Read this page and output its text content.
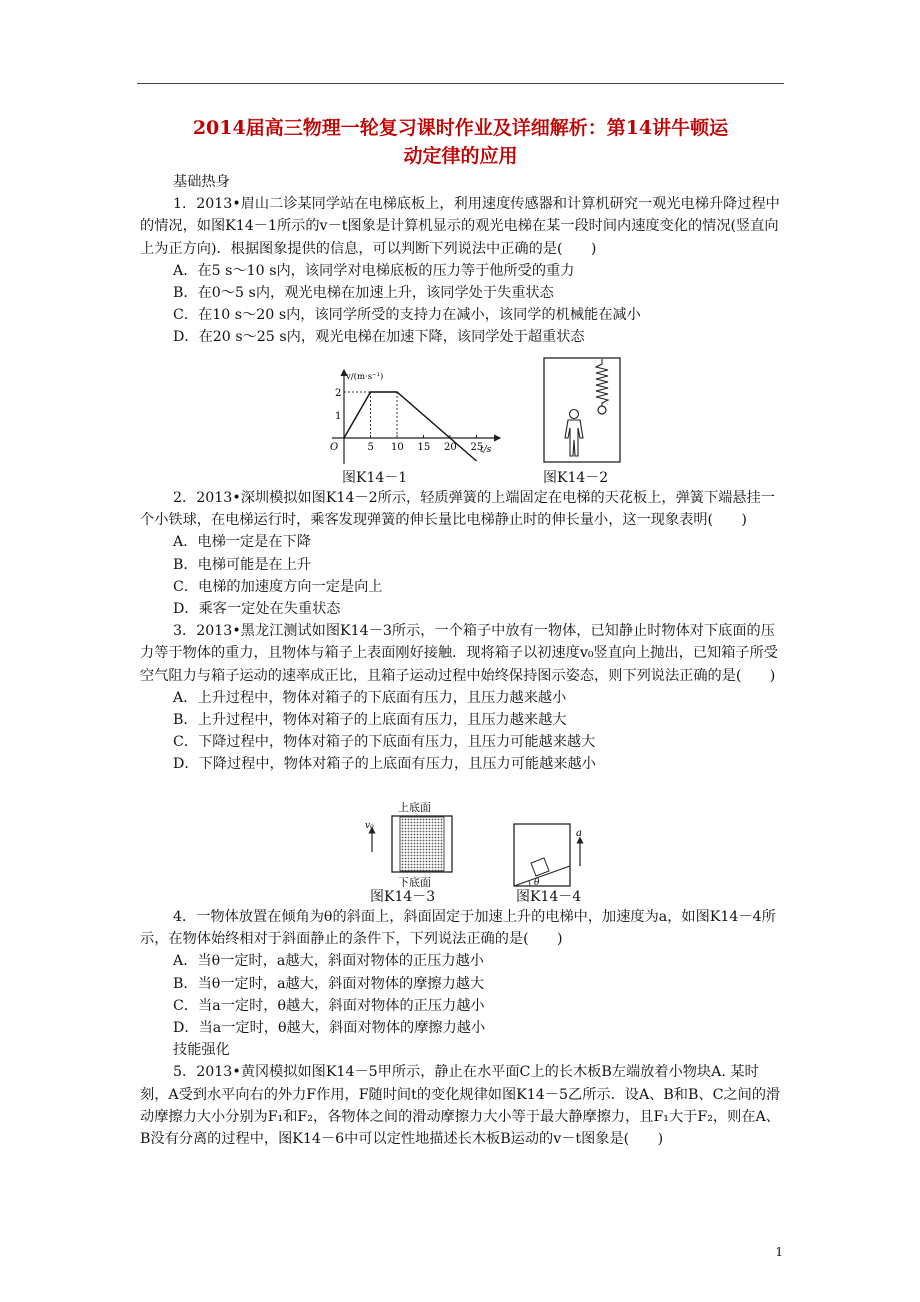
2014届高三物理一轮复习课时作业及详细解析：第14讲牛顿运
动定律的应用

基础热身

1．2013•眉山二诊某同学站在电梯底板上，利用速度传感器和计算机研究一观光电梯升降过程中的情况，如图K14－1所示的v－t图象是计算机显示的观光电梯在某一段时间内速度变化的情况(竖直向上为正方向)．根据图象提供的信息，可以判断下列说法中正确的是(　　)

A．在5 s～10 s内，该同学对电梯底板的压力等于他所受的重力

B．在0～5 s内，观光电梯在加速上升，该同学处于失重状态

C．在10 s～20 s内，该同学所受的支持力在减小，该同学的机械能在减小

D．在20 s～25 s内，观光电梯在加速下降，该同学处于超重状态

v/(m·s⁻¹)
t/s
O
2
1
5 10 15 20 25
图K14－1	图K14－2

2．2013•深圳模拟如图K14－2所示，轻质弹簧的上端固定在电梯的天花板上，弹簧下端悬挂一个小铁球，在电梯运行时，乘客发现弹簧的伸长量比电梯静止时的伸长量小，这一现象表明(　　)

A．电梯一定是在下降

B．电梯可能是在上升

C．电梯的加速度方向一定是向上

D．乘客一定处在失重状态

3．2013•黑龙江测试如图K14－3所示，一个箱子中放有一物体，已知静止时物体对下底面的压力等于物体的重力，且物体与箱子上表面刚好接触．现将箱子以初速度v₀竖直向上抛出，已知箱子所受空气阻力与箱子运动的速率成正比，且箱子运动过程中始终保持图示姿态，则下列说法正确的是(　　)

A．上升过程中，物体对箱子的下底面有压力，且压力越来越小

B．上升过程中，物体对箱子的上底面有压力，且压力越来越大

C．下降过程中，物体对箱子的下底面有压力，且压力可能越来越大

D．下降过程中，物体对箱子的上底面有压力，且压力可能越来越小

上底面
下底面
v₀
图K14－3
θ
a
图K14－4

4．一物体放置在倾角为θ的斜面上，斜面固定于加速上升的电梯中，加速度为a，如图K14－4所示，在物体始终相对于斜面静止的条件下，下列说法正确的是(　　)

A．当θ一定时，a越大，斜面对物体的正压力越小

B．当θ一定时，a越大，斜面对物体的摩擦力越大

C．当a一定时，θ越大，斜面对物体的正压力越小

D．当a一定时，θ越大，斜面对物体的摩擦力越小

技能强化

5．2013•黄冈模拟如图K14－5甲所示，静止在水平面C上的长木板B左端放着小物块A. 某时刻，A受到水平向右的外力F作用，F随时间t的变化规律如图K14－5乙所示．设A、B和B、C之间的滑动摩擦力大小分别为F₁和F₂，各物体之间的滑动摩擦力大小等于最大静摩擦力，且F₁大于F₂，则在A、B没有分离的过程中，图K14－6中可以定性地描述长木板B运动的v－t图象是(　　)

1
